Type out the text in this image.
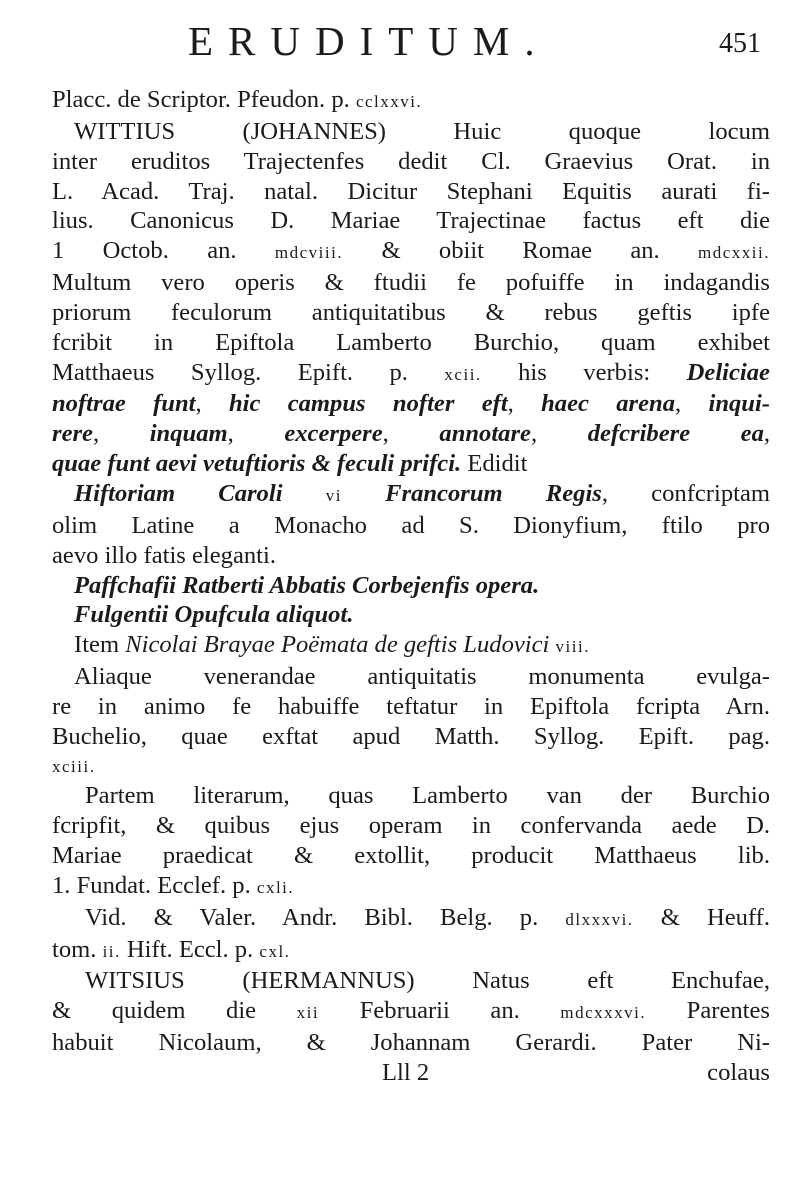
ERUDITUM.	451
Placc. de Scriptor. Pfeudon. p. cclxxvi.
WITTIUS (JOHANNES) Huic quoque locum
inter eruditos Trajectenfes dedit Cl. Graevius Orat. in
L. Acad. Traj. natal. Dicitur Stephani Equitis aurati fi-
lius. Canonicus D. Mariae Trajectinae factus eft die
1 Octob. an. mdcviii. & obiit Romae an. mdcxxii.
Multum vero operis & ftudii fe pofuiffe in indagandis
priorum feculorum antiquitatibus & rebus geftis ipfe
fcribit in Epiftola Lamberto Burchio, quam exhibet
Matthaeus Syllog. Epift. p. xcii. his verbis: Deliciae
noftrae funt, hic campus nofter eft, haec arena, inqui-
rere, inquam, excerpere, annotare, defcribere ea,
quae funt aevi vetuftioris & feculi prifci. Edidit
Hiftoriam Caroli vi Francorum Regis, confcriptam
olim Latine a Monacho ad S. Dionyfium, ftilo pro
aevo illo fatis eleganti.
Paffchafii Ratberti Abbatis Corbejenfis opera.
Fulgentii Opufcula aliquot.
Item Nicolai Brayae Poëmata de geftis Ludovici viii.
Aliaque venerandae antiquitatis monumenta evulga-
re in animo fe habuiffe teftatur in Epiftola fcripta Arn.
Buchelio, quae exftat apud Matth. Syllog. Epift. pag.
xciii.
Partem literarum, quas Lamberto van der Burchio
fcripfit, & quibus ejus operam in confervanda aede D.
Mariae praedicat & extollit, producit Matthaeus lib.
1. Fundat. Ecclef. p. cxli.
Vid. & Valer. Andr. Bibl. Belg. p. dlxxxvi. & Heuff.
tom. ii. Hift. Eccl. p. cxl.
WITSIUS (HERMANNUS) Natus eft Enchufae,
& quidem die xii Februarii an. mdcxxxvi. Parentes
habuit Nicolaum, & Johannam Gerardi. Pater Ni-
Lll 2	colaus
